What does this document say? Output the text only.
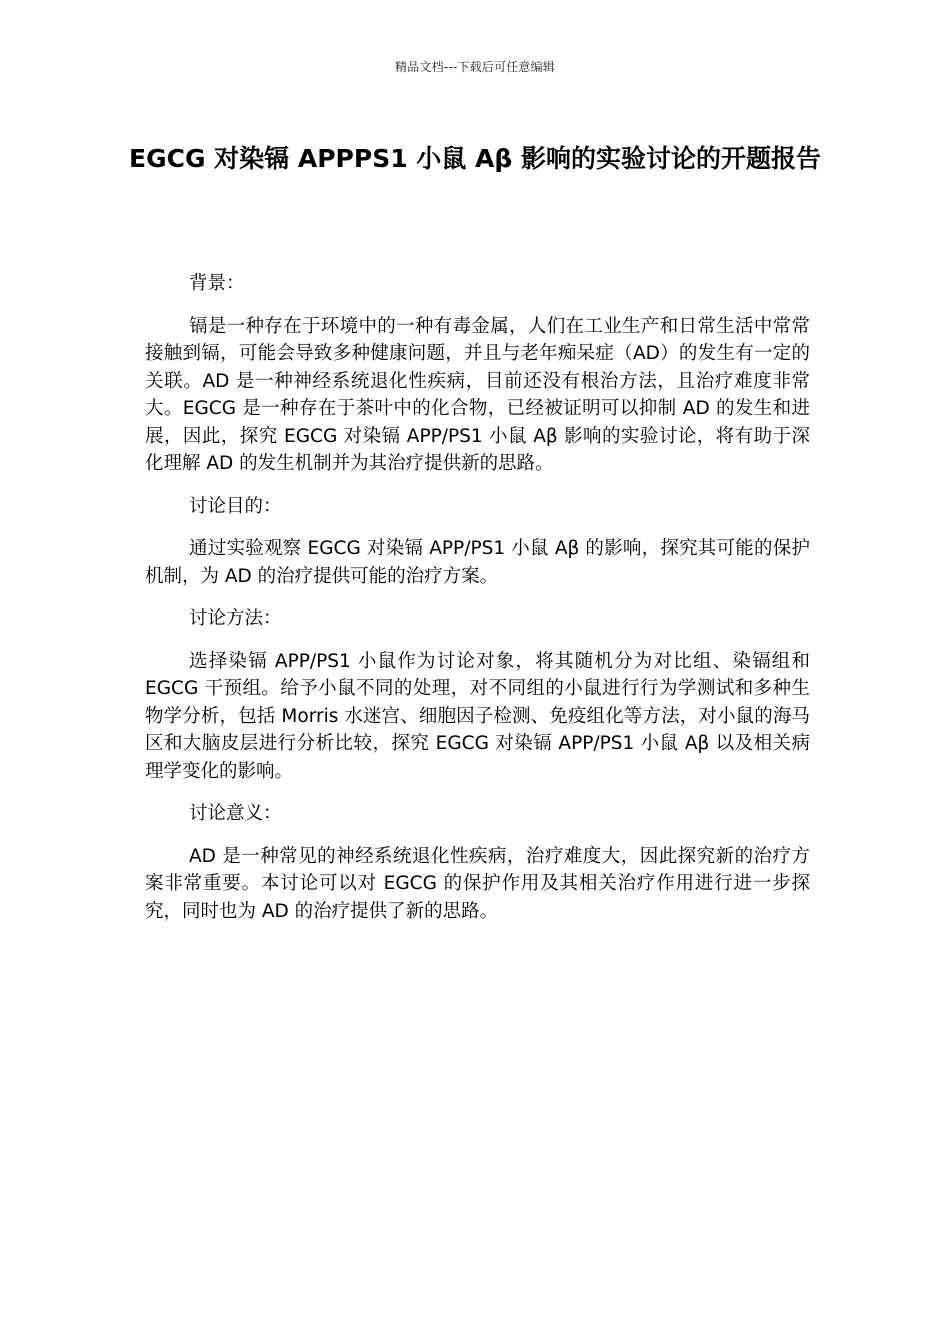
精品文档---下载后可任意编辑
EGCG 对染镉 APPPS1 小鼠 Aβ 影响的实验讨论的开题报告

背景：

镉是一种存在于环境中的一种有毒金属，人们在工业生产和日常生活中常常接触到镉，可能会导致多种健康问题，并且与老年痴呆症（AD）的发生有一定的关联。AD 是一种神经系统退化性疾病，目前还没有根治方法，且治疗难度非常大。EGCG 是一种存在于茶叶中的化合物，已经被证明可以抑制 AD 的发生和进展，因此，探究 EGCG 对染镉 APP/PS1 小鼠 Aβ 影响的实验讨论，将有助于深化理解 AD 的发生机制并为其治疗提供新的思路。

讨论目的：

通过实验观察 EGCG 对染镉 APP/PS1 小鼠 Aβ 的影响，探究其可能的保护机制，为 AD 的治疗提供可能的治疗方案。

讨论方法：

选择染镉 APP/PS1 小鼠作为讨论对象，将其随机分为对比组、染镉组和 EGCG 干预组。给予小鼠不同的处理，对不同组的小鼠进行行为学测试和多种生物学分析，包括 Morris 水迷宫、细胞因子检测、免疫组化等方法，对小鼠的海马区和大脑皮层进行分析比较，探究 EGCG 对染镉 APP/PS1 小鼠 Aβ 以及相关病理学变化的影响。

讨论意义：

AD 是一种常见的神经系统退化性疾病，治疗难度大，因此探究新的治疗方案非常重要。本讨论可以对 EGCG 的保护作用及其相关治疗作用进行进一步探究，同时也为 AD 的治疗提供了新的思路。
